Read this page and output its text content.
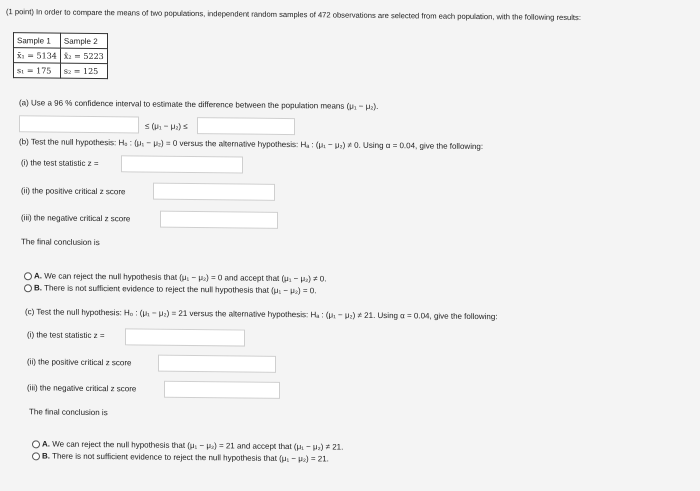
(1 point) In order to compare the means of two populations, independent random samples of 472 observations are selected from each population, with the following results:
Sample 1	Sample 2
x̄₁ = 5134	x̄₂ = 5223
s₁ = 175	s₂ = 125
(a) Use a 96 % confidence interval to estimate the difference between the population means (μ₁ − μ₂).
≤ (μ₁ − μ₂) ≤
(b) Test the null hypothesis: H₀ : (μ₁ − μ₂) = 0 versus the alternative hypothesis: Hₐ : (μ₁ − μ₂) ≠ 0. Using α = 0.04, give the following:
(i) the test statistic z =
(ii) the positive critical z score
(iii) the negative critical z score
The final conclusion is
A. We can reject the null hypothesis that (μ₁ − μ₂) = 0 and accept that (μ₁ − μ₂) ≠ 0.
B. There is not sufficient evidence to reject the null hypothesis that (μ₁ − μ₂) = 0.
(c) Test the null hypothesis: H₀ : (μ₁ − μ₂) = 21 versus the alternative hypothesis: Hₐ : (μ₁ − μ₂) ≠ 21. Using α = 0.04, give the following:
(i) the test statistic z =
(ii) the positive critical z score
(iii) the negative critical z score
The final conclusion is
A. We can reject the null hypothesis that (μ₁ − μ₂) = 21 and accept that (μ₁ − μ₂) ≠ 21.
B. There is not sufficient evidence to reject the null hypothesis that (μ₁ − μ₂) = 21.
